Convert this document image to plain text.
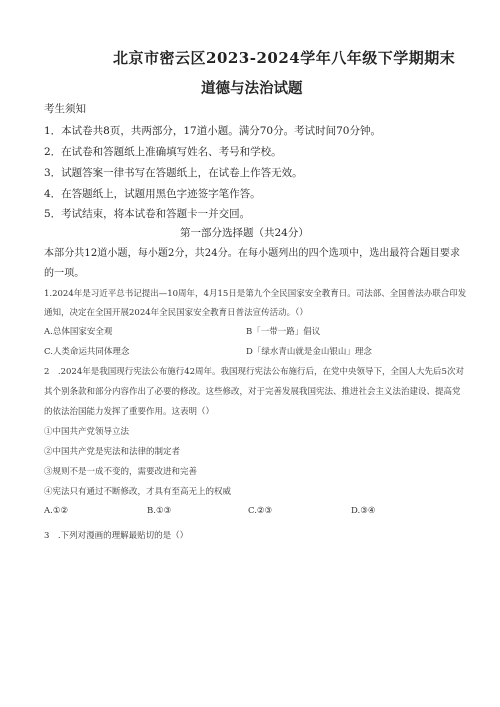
北京市密云区2023-2024学年八年级下学期期末
道德与法治试题
考生须知
1．本试卷共8页，共两部分，17道小题。满分70分。考试时间70分钟。
2．在试卷和答题纸上准确填写姓名、考号和学校。
3．试题答案一律书写在答题纸上，在试卷上作答无效。
4．在答题纸上，试题用黑色字迹签字笔作答。
5．考试结束，将本试卷和答题卡一并交回。
第一部分选择题（共24分）
本部分共12道小题，每小题2分，共24分。在每小题列出的四个选项中，选出最符合题目要求
的一项。
1.2024年是习近平总书记提出—10周年，4月15日是第九个全民国家安全教育日。司法部、全国普法办联合印发
通知，决定在全国开展2024年全民国家安全教育日普法宣传活动。（）
A.总体国家安全观	B「一带一路」倡议
C.人类命运共同体理念	D「绿水青山就是金山银山」理念
2　.2024年是我国现行宪法公布施行42周年。我国现行宪法公布施行后，在党中央领导下，全国人大先后5次对
其个别条款和部分内容作出了必要的修改。这些修改，对于完善发展我国宪法、推进社会主义法治建设、提高党
的依法治国能力发挥了重要作用。这表明（）
①中国共产党领导立法
②中国共产党是宪法和法律的制定者
③规则不是一成不变的，需要改进和完善
④宪法只有通过不断修改，才具有至高无上的权威
A.①②	B.①③	C.②③	D.③④
3　.下列对漫画的理解最贴切的是（）
